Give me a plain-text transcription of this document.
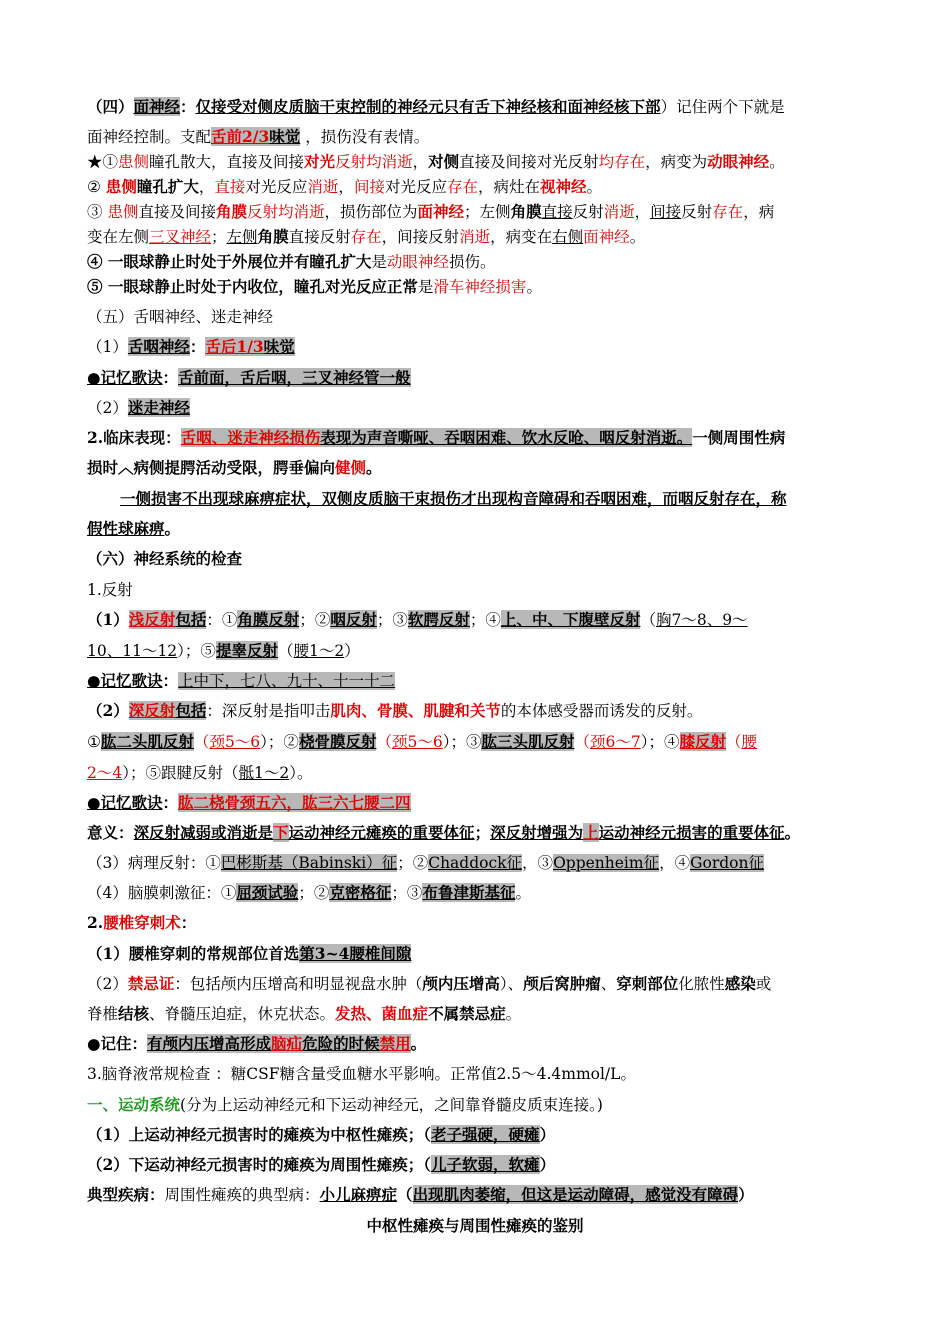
（四）面神经：仅接受对侧皮质脑干束控制的神经元只有舌下神经核和面神经核下部）记住两个下就是
面神经控制。支配舌前2/3味觉 ，损伤没有表情。
★①患侧瞳孔散大，直接及间接对光反射均消逝，对侧直接及间接对光反射均存在，病变为动眼神经。
② 患侧瞳孔扩大，直接对光反应消逝，间接对光反应存在，病灶在视神经。
③ 患侧直接及间接角膜反射均消逝，损伤部位为面神经；左侧角膜直接反射消逝，间接反射存在，病
变在左侧三叉神经；左侧角膜直接反射存在，间接反射消逝，病变在右侧面神经。
④ 一眼球静止时处于外展位并有瞳孔扩大是动眼神经损伤。
⑤ 一眼球静止时处于内收位，瞳孔对光反应正常是滑车神经损害。
（五）舌咽神经、迷走神经
（1）舌咽神经：舌后1/3味觉
●记忆歌诀：舌前面，舌后咽，三叉神经管一般
（2）迷走神经
2.临床表现：舌咽、迷走神经损伤表现为声音嘶哑、吞咽困难、饮水反呛、咽反射消逝。一侧周围性病
损时︿病侧提腭活动受限，腭垂偏向健侧。
一侧损害不出现球麻痹症状，双侧皮质脑干束损伤才出现构音障碍和吞咽困难，而咽反射存在，称
假性球麻痹。
（六）神经系统的检查
1.反射
（1）浅反射包括：①角膜反射；②咽反射；③软腭反射；④上、中、下腹壁反射（胸7～8、9～
10、11～12）；⑤提睾反射（腰1～2）
●记忆歌诀：上中下，七八、九十、十一十二
（2）深反射包括：深反射是指叩击肌肉、骨膜、肌腱和关节的本体感受器而诱发的反射。
①肱二头肌反射（颈5～6）；②桡骨膜反射（颈5～6）；③肱三头肌反射（颈6～7）；④膝反射（腰
2～4）；⑤跟腱反射（骶1～2）。
●记忆歌诀：肱二桡骨颈五六，肱三六七腰二四
意义：深反射减弱或消逝是下运动神经元瘫痪的重要体征；深反射增强为上运动神经元损害的重要体征。
（3）病理反射：①巴彬斯基（Babinski）征；②Chaddock征，③Oppenheim征，④Gordon征
（4）脑膜刺激征：①屈颈试验；②克密格征；③布鲁津斯基征。
2.腰椎穿刺术：
（1）腰椎穿刺的常规部位首选第3~4腰椎间隙
（2）禁忌证：包括颅内压增高和明显视盘水肿（颅内压增高）、颅后窝肿瘤、穿刺部位化脓性感染或
脊椎结核、脊髓压迫症，休克状态。发热、菌血症不属禁忌症。
●记住：有颅内压增高形成脑疝危险的时候禁用。
3.脑脊液常规检查 ：糖CSF糖含量受血糖水平影响。正常值2.5～4.4mmol/L。
一、运动系统(分为上运动神经元和下运动神经元，之间靠脊髓皮质束连接。)
（1）上运动神经元损害时的瘫痪为中枢性瘫痪；（老子强硬，硬瘫）
（2）下运动神经元损害时的瘫痪为周围性瘫痪；（儿子软弱，软瘫）
典型疾病：周围性瘫痪的典型病：小儿麻痹症（出现肌肉萎缩，但这是运动障碍，感觉没有障碍）
中枢性瘫痪与周围性瘫痪的鉴别
